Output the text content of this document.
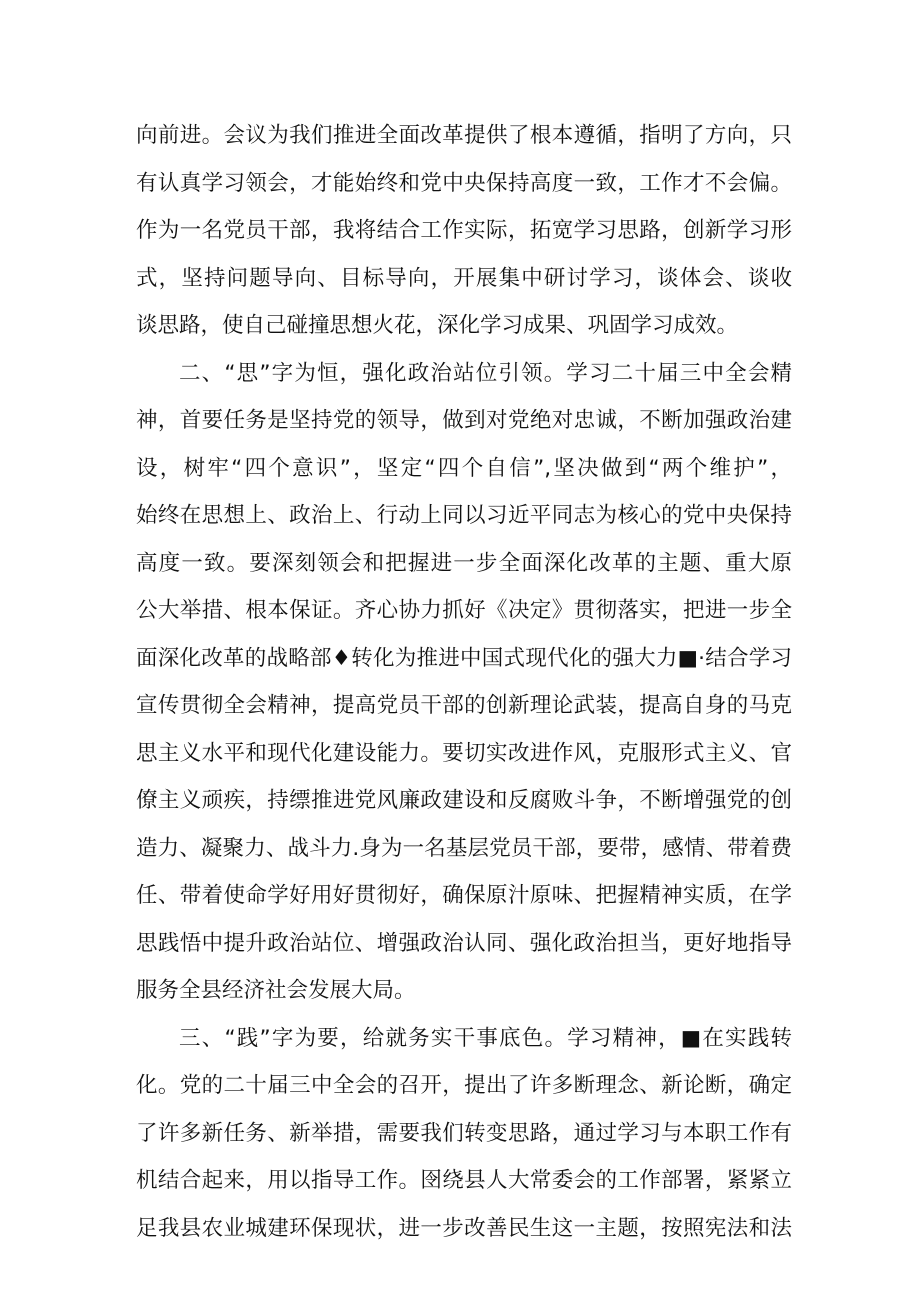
向前进。会议为我们推进全面改革提供了根本遵循，指明了方向，只
有认真学习领会，才能始终和党中央保持高度一致，工作才不会偏。
作为一名党员干部，我将结合工作实际，拓宽学习思路，创新学习形
式，坚持问题导向、目标导向，开展集中研讨学习，谈体会、谈收
谈思路，使自己碰撞思想火花，深化学习成果、巩固学习成效。
二、“思”字为恒，强化政治站位引领。学习二十届三中全会精
神，首要任务是坚持党的领导，做到对党绝对忠诚，不断加强政治建
设，树牢“四个意识”，坚定“四个自信”,坚决做到“两个维护”，
始终在思想上、政治上、行动上同以习近平同志为核心的党中央保持
高度一致。要深刻领会和把握进一步全面深化改革的主题、重大原
公大举措、根本保证。齐心协力抓好《决定》贯彻落实，把进一步全
面深化改革的战略部♦转化为推进中国式现代化的强大力■·结合学习
宣传贯彻全会精神，提高党员干部的创新理论武装，提高自身的马克
思主义水平和现代化建设能力。要切实改进作风，克服形式主义、官
僚主义顽疾，持缥推进党风廉政建设和反腐败斗争，不断增强党的创
造力、凝聚力、战斗力.身为一名基层党员干部，要带，感情、带着费
任、带着使命学好用好贯彻好，确保原汁原味、把握精神实质，在学
思践悟中提升政治站位、增强政治认同、强化政治担当，更好地指导
服务全县经济社会发展大局。
三、“践”字为要，给就务实干事底色。学习精神，■在实践转
化。党的二十届三中全会的召开，提出了许多断理念、新论断，确定
了许多新任务、新举措，需要我们转变思路，通过学习与本职工作有
机结合起来，用以指导工作。囹绕县人大常委会的工作部署，紧紧立
足我县农业城建环保现状，进一步改善民生这一主题，按照宪法和法
